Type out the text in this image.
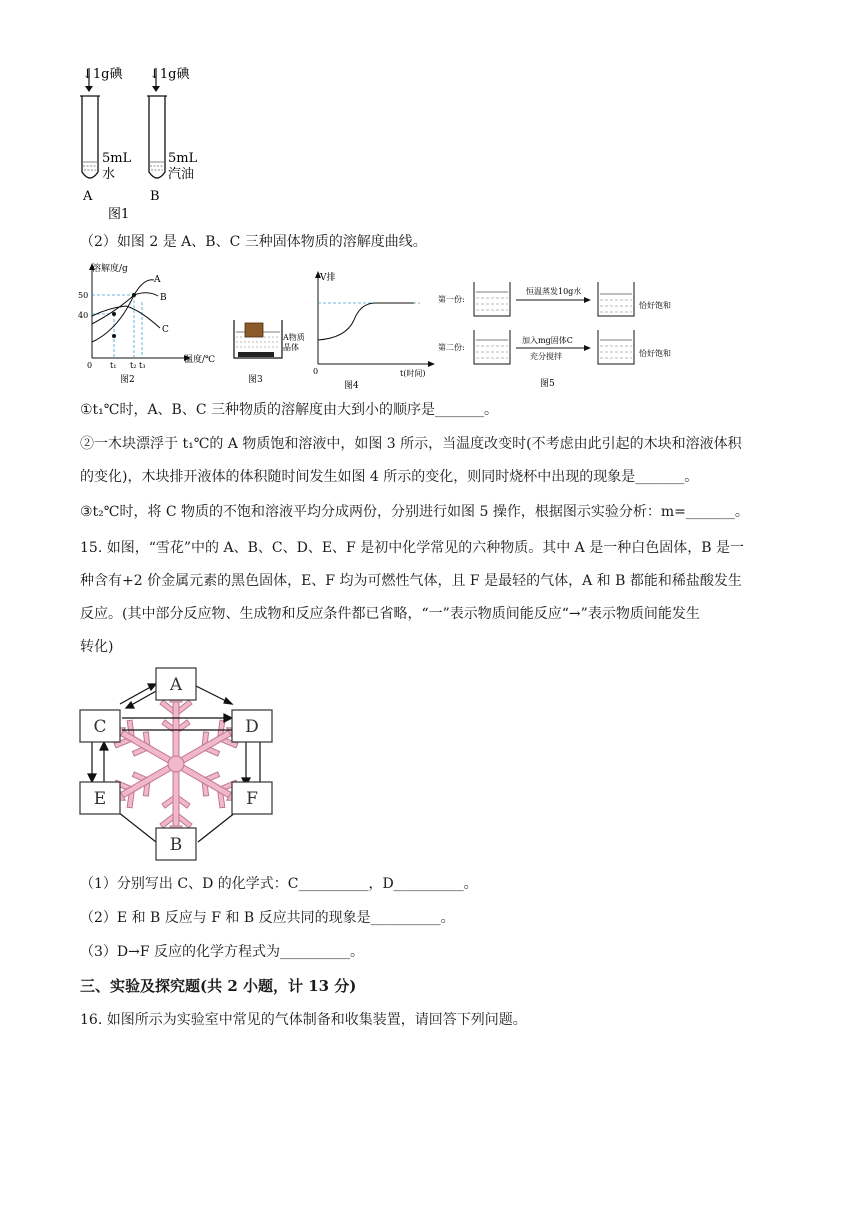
↓1g碘
5mL
水
A
↓1g碘
5mL
汽油
B
图1
（2）如图 2 是 A、B、C 三种固体物质的溶解度曲线。
溶解度/g
温度/℃
0
50
40
t₁ t₂ t₃
A
B
C
图2
A物质
晶体
图3
V排
t(时间)
0
图4
第一份:
恒温蒸发10g水
恰好饱和
第二份:
加入mg固体C
充分搅拌	恰好饱和
图5
①t₁℃时，A、B、C 三种物质的溶解度由大到小的顺序是_______。
②一木块漂浮于 t₁℃的 A 物质饱和溶液中，如图 3 所示，当温度改变时(不考虑由此引起的木块和溶液体积
的变化)，木块排开液体的体积随时间发生如图 4 所示的变化，则同时烧杯中出现的现象是_______。
③t₂℃时，将 C 物质的不饱和溶液平均分成两份，分别进行如图 5 操作，根据图示实验分析：m=_______。
15. 如图，“雪花”中的 A、B、C、D、E、F 是初中化学常见的六种物质。其中 A 是一种白色固体，B 是一
种含有+2 价金属元素的黑色固体，E、F 均为可燃性气体，且 F 是最轻的气体，A 和 B 都能和稀盐酸发生
反应。(其中部分反应物、生成物和反应条件都已省略，“一”表示物质间能反应“→”表示物质间能发生
转化)
A
C	D
E	F
B
（1）分别写出 C、D 的化学式：C__________，D__________。
（2）E 和 B 反应与 F 和 B 反应共同的现象是__________。
（3）D→F 反应的化学方程式为__________。
三、实验及探究题(共 2 小题，计 13 分)
16. 如图所示为实验室中常见的气体制备和收集装置，请回答下列问题。
